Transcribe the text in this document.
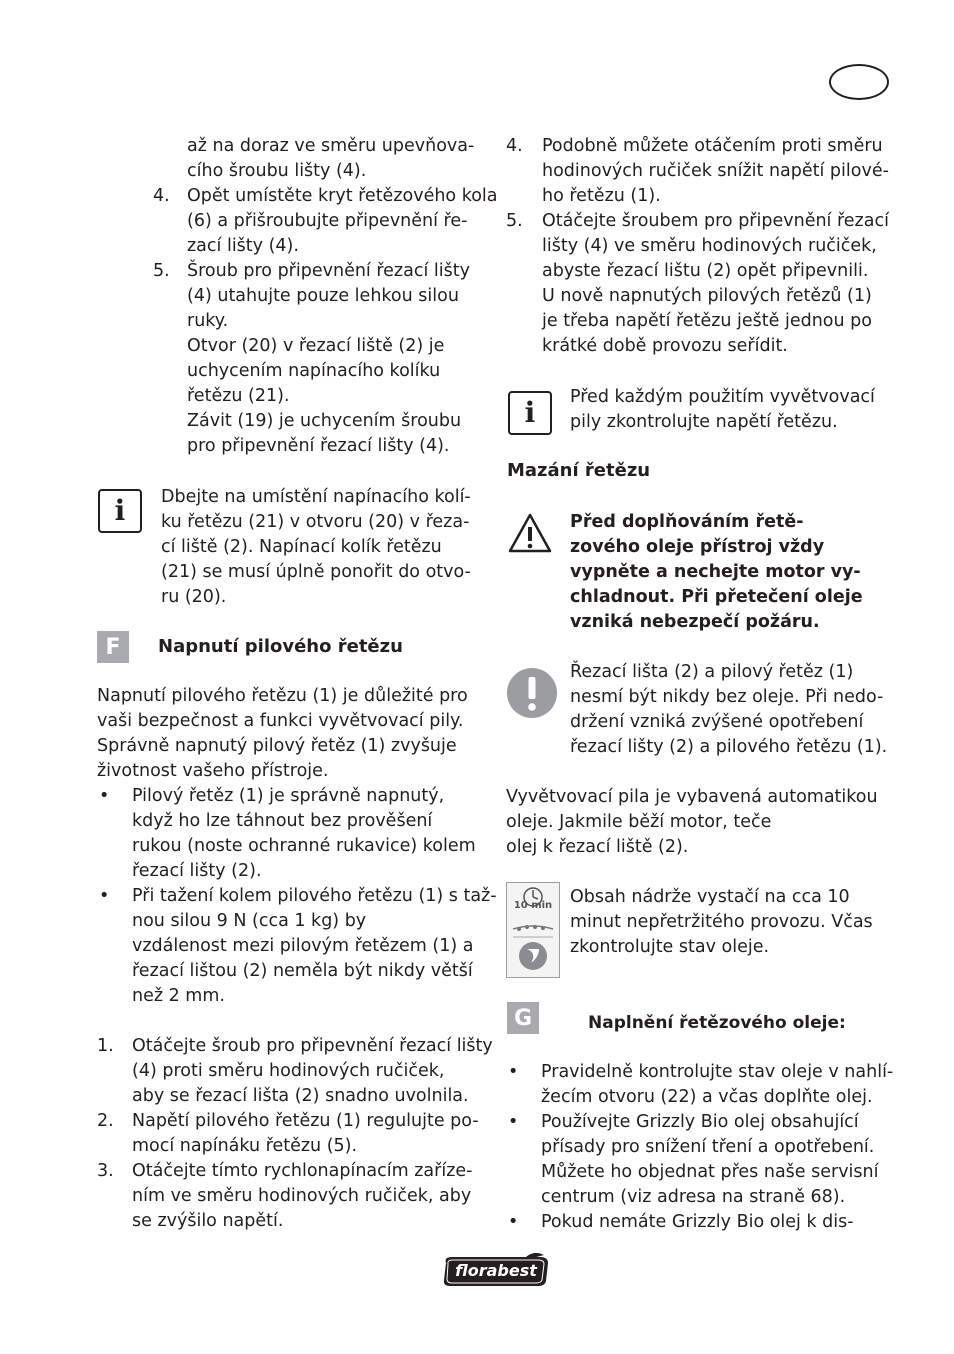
až na doraz ve směru upevňova-
cího šroubu lišty (4).
4. Opět umístěte kryt řetězového kola
(6) a přišroubujte připevnění ře-
zací lišty (4).
5. Šroub pro připevnění řezací lišty
(4) utahujte pouze lehkou silou
ruky.
Otvor (20) v řezací liště (2) je
uchycením napínacího kolíku
řetězu (21).
Závit (19) je uchycením šroubu
pro připevnění řezací lišty (4).
i Dbejte na umístění napínacího kolí-
ku řetězu (21) v otvoru (20) v řeza-
cí liště (2). Napínací kolík řetězu
(21) se musí úplně ponořit do otvo-
ru (20).
F	Napnutí pilového řetězu
Napnutí pilového řetězu (1) je důležité pro
vaši bezpečnost a funkci vyvětvovací pily.
Správně napnutý pilový řetěz (1) zvyšuje
životnost vašeho přístroje.
• Pilový řetěz (1) je správně napnutý,
když ho lze táhnout bez prověšení
rukou (noste ochranné rukavice) kolem
řezací lišty (2).
• Při tažení kolem pilového řetězu (1) s taž-
nou silou 9 N (cca 1 kg) by
vzdálenost mezi pilovým řetězem (1) a
řezací lištou (2) neměla být nikdy větší
než 2 mm.
1. Otáčejte šroub pro připevnění řezací lišty
(4) proti směru hodinových ručiček,
aby se řezací lišta (2) snadno uvolnila.
2. Napětí pilového řetězu (1) regulujte po-
mocí napínáku řetězu (5).
3. Otáčejte tímto rychlonapínacím zaříze-
ním ve směru hodinových ručiček, aby
se zvýšilo napětí.
4. Podobně můžete otáčením proti směru
hodinových ručiček snížit napětí pilové-
ho řetězu (1).
5. Otáčejte šroubem pro připevnění řezací
lišty (4) ve směru hodinových ručiček,
abyste řezací lištu (2) opět připevnili.
U nově napnutých pilových řetězů (1)
je třeba napětí řetězu ještě jednou po
krátké době provozu seřídit.
i Před každým použitím vyvětvovací
pily zkontrolujte napětí řetězu.
Mazání řetězu
Před doplňováním řetě-
zového oleje přístroj vždy
vypněte a nechejte motor vy-
chladnout. Při přetečení oleje
vzniká nebezpečí požáru.
Řezací lišta (2) a pilový řetěz (1)
nesmí být nikdy bez oleje. Při nedo-
držení vzniká zvýšené opotřebení
řezací lišty (2) a pilového řetězu (1).
Vyvětvovací pila je vybavená automatikou
oleje. Jakmile běží motor, teče
olej k řezací liště (2).
10 min	Obsah nádrže vystačí na cca 10
minut nepřetržitého provozu. Včas
zkontrolujte stav oleje.
G	Naplnění řetězového oleje:
• Pravidelně kontrolujte stav oleje v nahlí-
žecím otvoru (22) a včas doplňte olej.
• Používejte Grizzly Bio olej obsahující
přísady pro snížení tření a opotřebení.
Můžete ho objednat přes naše servisní
centrum (viz adresa na straně 68).
• Pokud nemáte Grizzly Bio olej k dis-
florabest
